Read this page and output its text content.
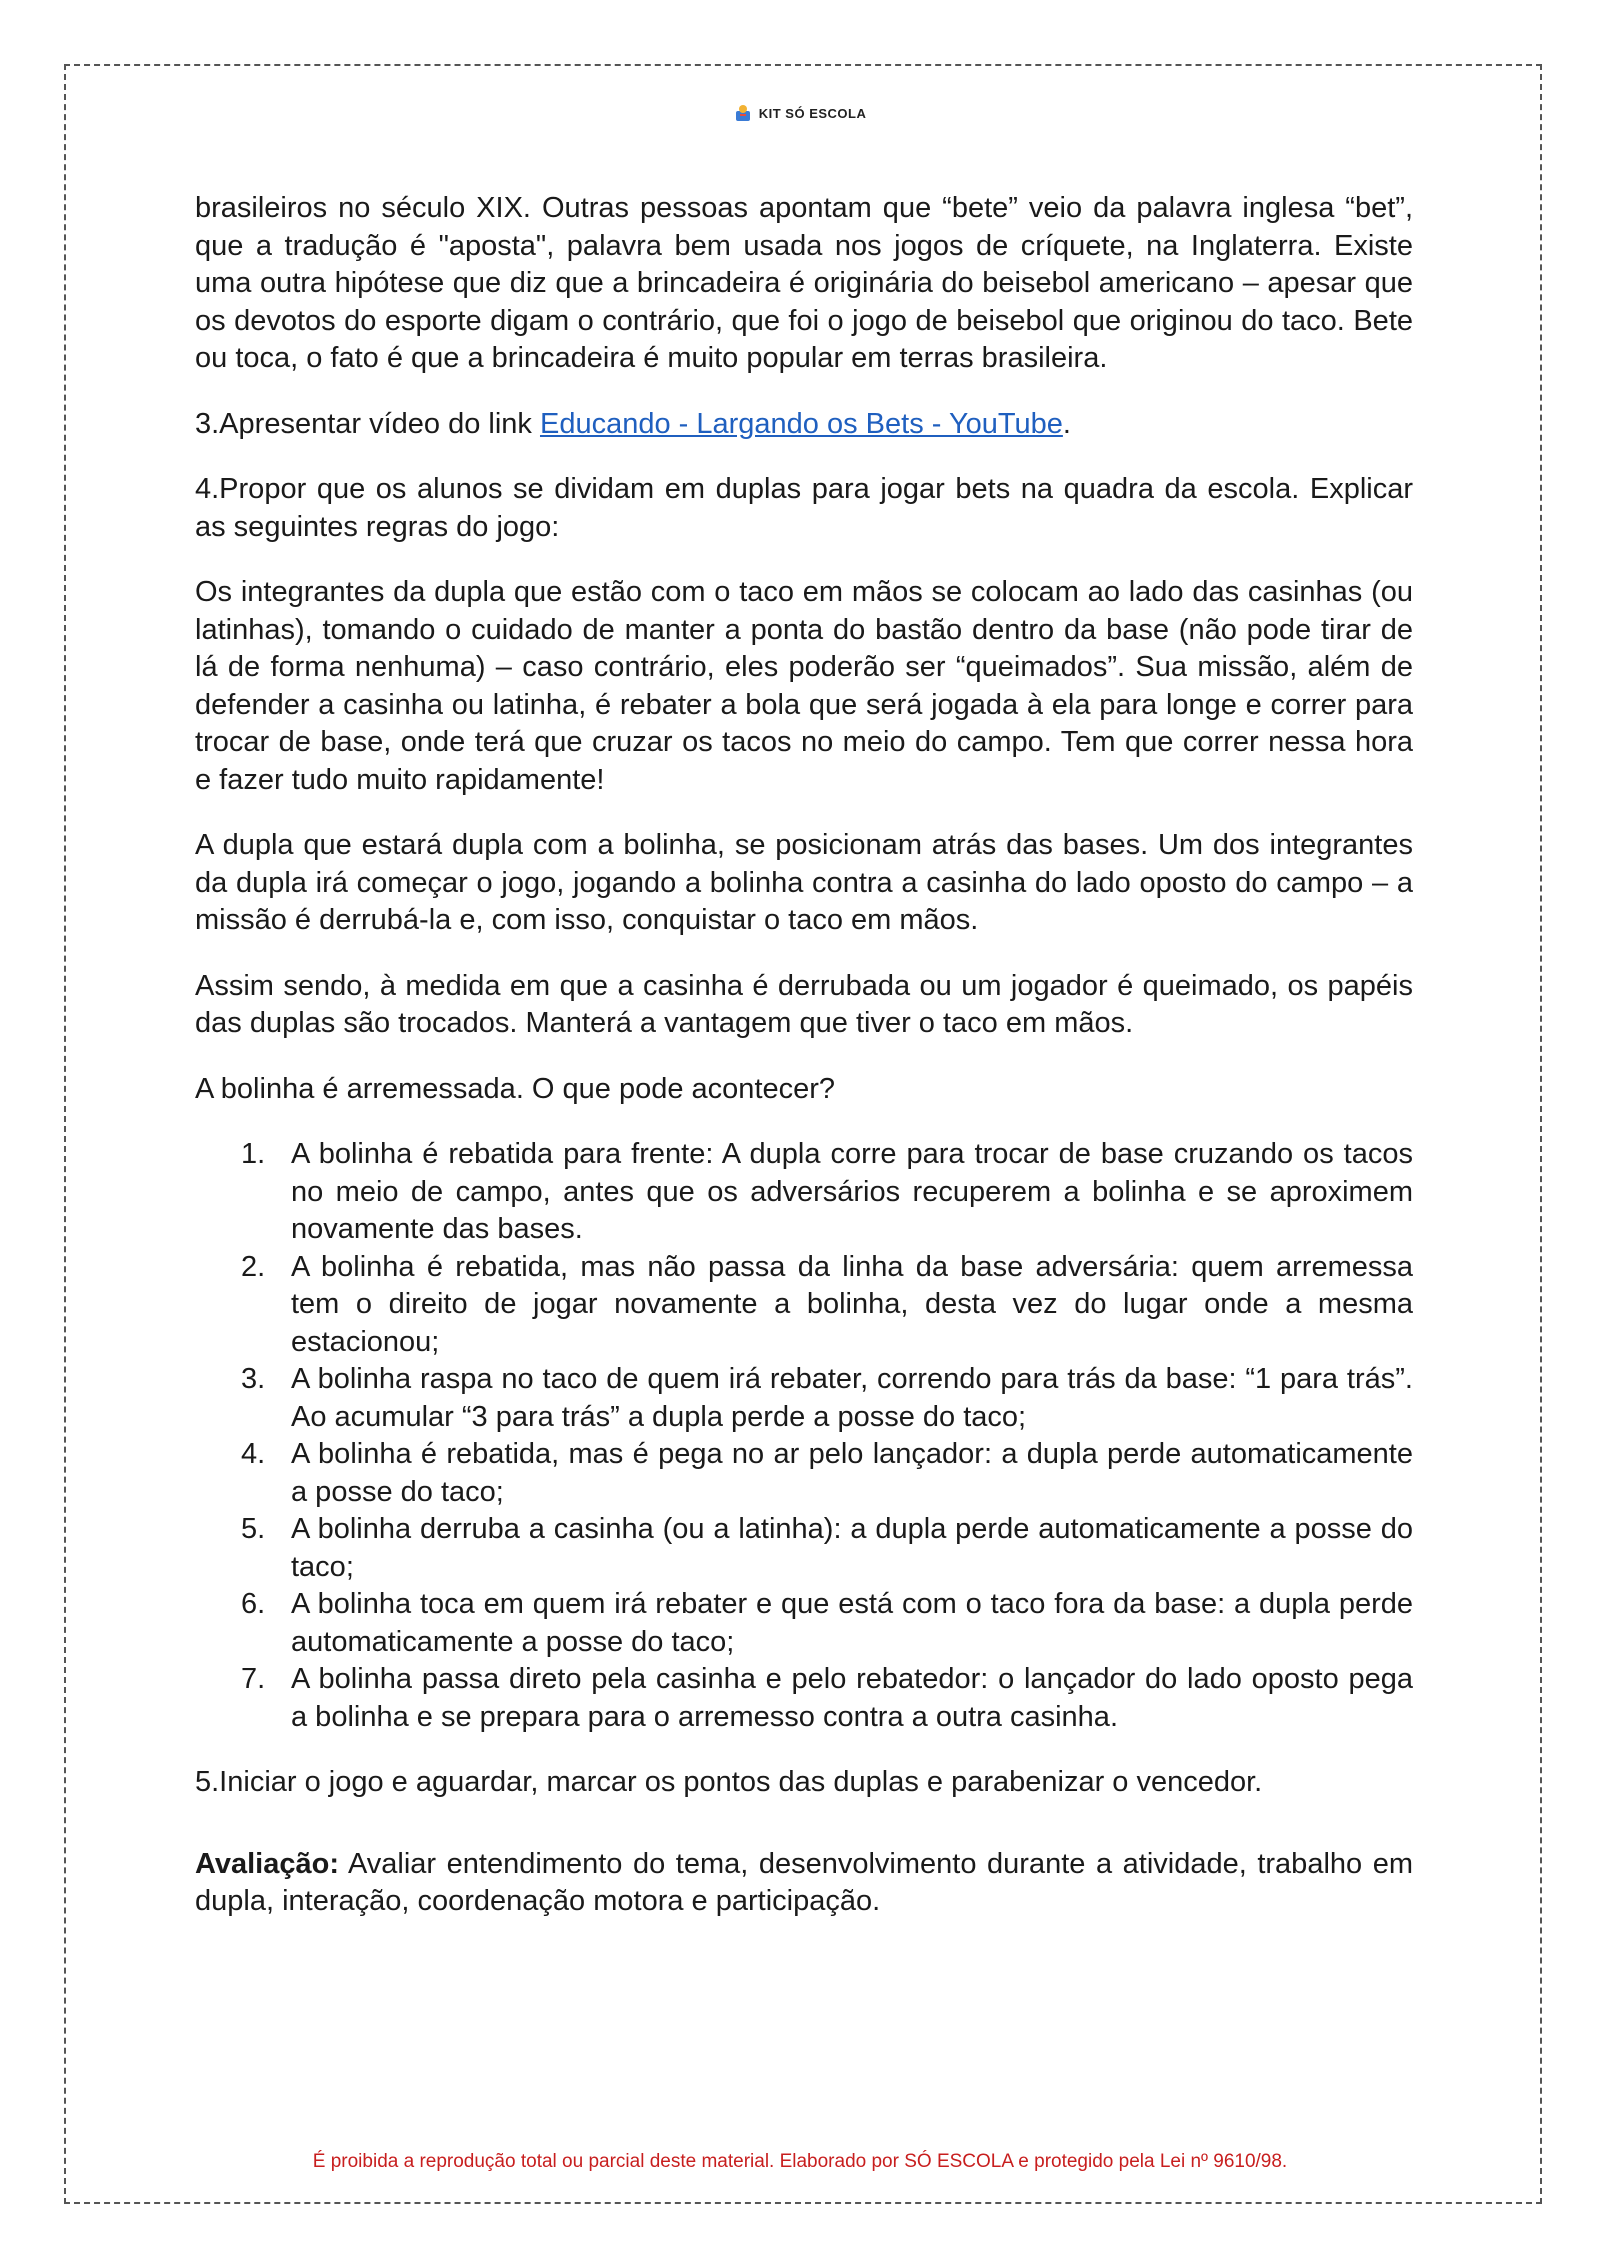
KIT SÓ ESCOLA

brasileiros no século XIX. Outras pessoas apontam que “bete” veio da palavra inglesa “bet”, que a tradução é "aposta", palavra bem usada nos jogos de críquete, na Inglaterra. Existe uma outra hipótese que diz que a brincadeira é originária do beisebol americano – apesar que os devotos do esporte digam o contrário, que foi o jogo de beisebol que originou do taco. Bete ou toca, o fato é que a brincadeira é muito popular em terras brasileira.

3.Apresentar vídeo do link Educando - Largando os Bets - YouTube.

4.Propor que os alunos se dividam em duplas para jogar bets na quadra da escola. Explicar as seguintes regras do jogo:

Os integrantes da dupla que estão com o taco em mãos se colocam ao lado das casinhas (ou latinhas), tomando o cuidado de manter a ponta do bastão dentro da base (não pode tirar de lá de forma nenhuma) – caso contrário, eles poderão ser “queimados”. Sua missão, além de defender a casinha ou latinha, é rebater a bola que será jogada à ela para longe e correr para trocar de base, onde terá que cruzar os tacos no meio do campo. Tem que correr nessa hora e fazer tudo muito rapidamente!

A dupla que estará dupla com a bolinha, se posicionam atrás das bases. Um dos integrantes da dupla irá começar o jogo, jogando a bolinha contra a casinha do lado oposto do campo – a missão é derrubá-la e, com isso, conquistar o taco em mãos.

Assim sendo, à medida em que a casinha é derrubada ou um jogador é queimado, os papéis das duplas são trocados. Manterá a vantagem que tiver o taco em mãos.

A bolinha é arremessada. O que pode acontecer?

1. A bolinha é rebatida para frente: A dupla corre para trocar de base cruzando os tacos no meio de campo, antes que os adversários recuperem a bolinha e se aproximem novamente das bases.
2. A bolinha é rebatida, mas não passa da linha da base adversária: quem arremessa tem o direito de jogar novamente a bolinha, desta vez do lugar onde a mesma estacionou;
3. A bolinha raspa no taco de quem irá rebater, correndo para trás da base: “1 para trás”. Ao acumular “3 para trás” a dupla perde a posse do taco;
4. A bolinha é rebatida, mas é pega no ar pelo lançador: a dupla perde automaticamente a posse do taco;
5. A bolinha derruba a casinha (ou a latinha): a dupla perde automaticamente a posse do taco;
6. A bolinha toca em quem irá rebater e que está com o taco fora da base: a dupla perde automaticamente a posse do taco;
7. A bolinha passa direto pela casinha e pelo rebatedor: o lançador do lado oposto pega a bolinha e se prepara para o arremesso contra a outra casinha.

5.Iniciar o jogo e aguardar, marcar os pontos das duplas e parabenizar o vencedor.

Avaliação: Avaliar entendimento do tema, desenvolvimento durante a atividade, trabalho em dupla, interação, coordenação motora e participação.

É proibida a reprodução total ou parcial deste material. Elaborado por SÓ ESCOLA e protegido pela Lei nº 9610/98.
